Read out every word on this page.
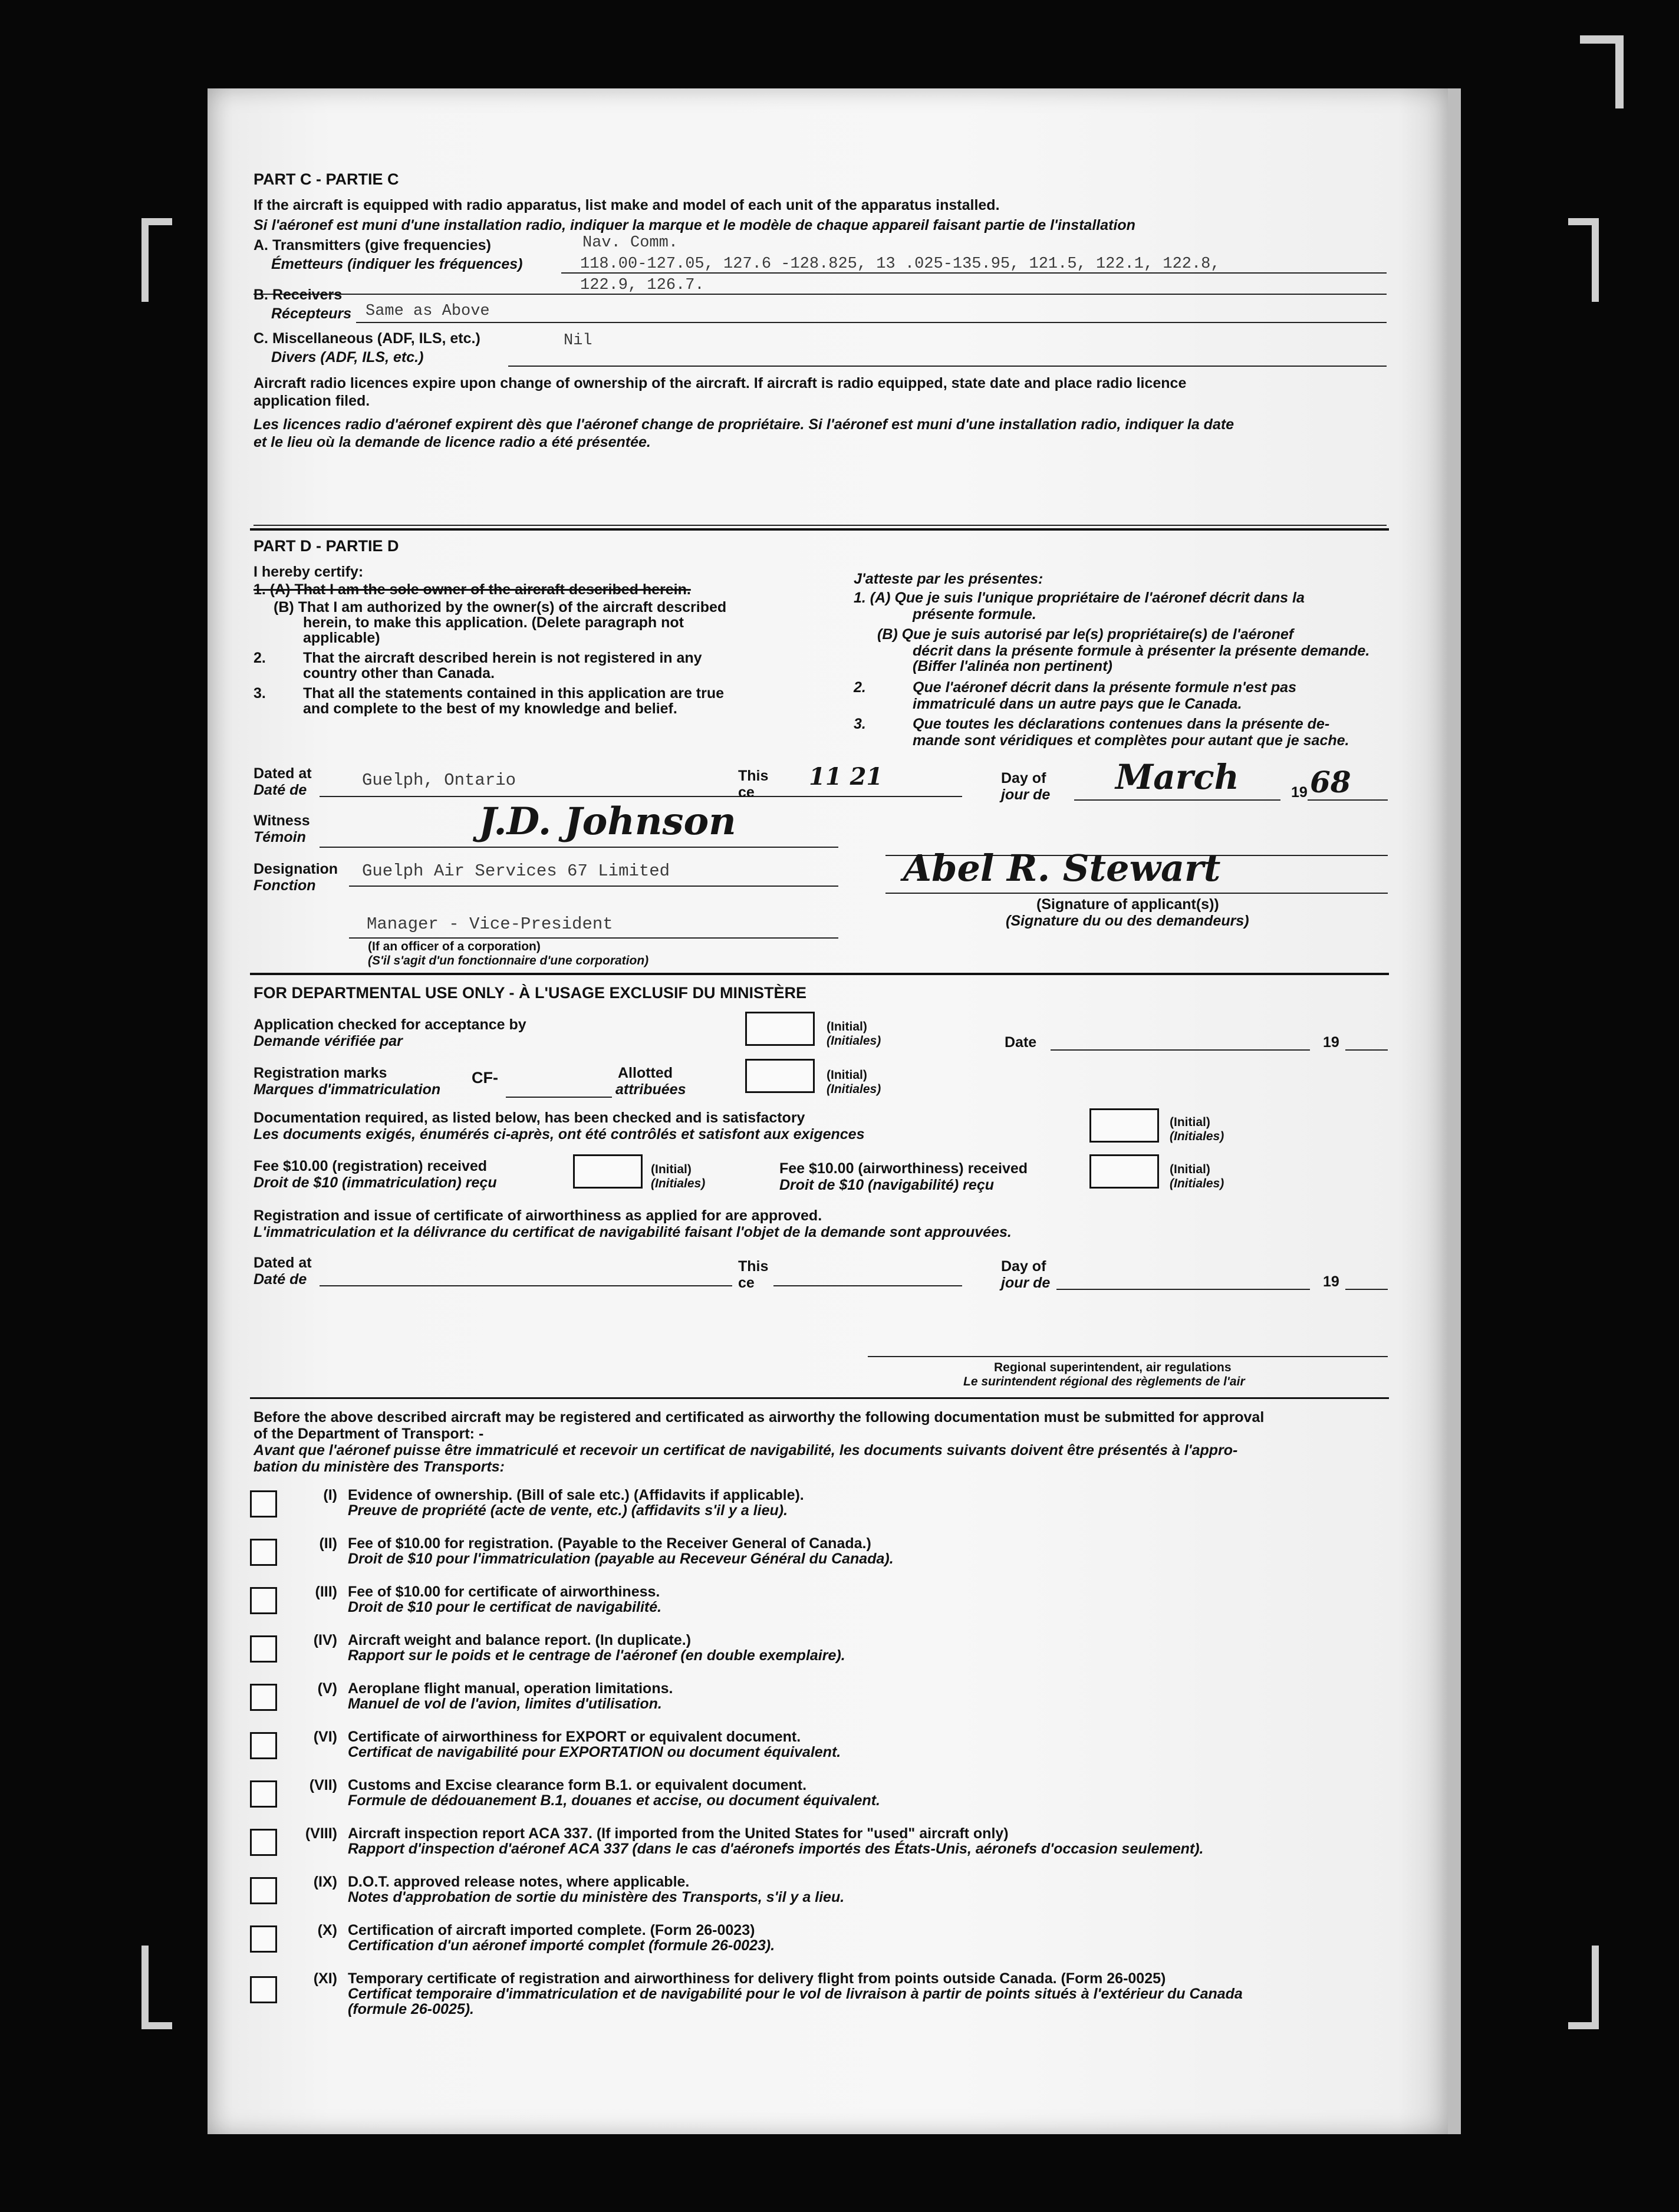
PART C - PARTIE C
If the aircraft is equipped with radio apparatus, list make and model of each unit of the apparatus installed.
Si l'aéronef est muni d'une installation radio, indiquer la marque et le modèle de chaque appareil faisant partie de l'installation
A. Transmitters (give frequencies)
Émetteurs (indiquer les fréquences)
Nav. Comm.
118.00-127.05, 127.6 -128.825, 13 .025-135.95, 121.5, 122.1, 122.8,
122.9, 126.7.
B. Receivers
Récepteurs Same as Above
C. Miscellaneous (ADF, ILS, etc.)
Divers (ADF, ILS, etc.)
Nil
Aircraft radio licences expire upon change of ownership of the aircraft. If aircraft is radio equipped, state date and place radio licence
application filed.
Les licences radio d'aéronef expirent dès que l'aéronef change de propriétaire. Si l'aéronef est muni d'une installation radio, indiquer la date
et le lieu où la demande de licence radio a été présentée.
PART D - PARTIE D
I hereby certify:
1. (A) That I am the sole owner of the aircraft described herein.
(B) That I am authorized by the owner(s) of the aircraft described
herein, to make this application. (Delete paragraph not
applicable)
2.	That the aircraft described herein is not registered in any
country other than Canada.
3.	That all the statements contained in this application are true
and complete to the best of my knowledge and belief.
J'atteste par les présentes:
1. (A) Que je suis l'unique propriétaire de l'aéronef décrit dans la
présente formule.
(B) Que je suis autorisé par le(s) propriétaire(s) de l'aéronef
décrit dans la présente formule à présenter la présente demande.
(Biffer l'alinéa non pertinent)
2.	Que l'aéronef décrit dans la présente formule n'est pas
immatriculé dans un autre pays que le Canada.
3.	Que toutes les déclarations contenues dans la présente de-
mande sont véridiques et complètes pour autant que je sache.
Dated at
Daté de	Guelph, Ontario	This
ce
11 21	Day of
jour de March	19 68
Witness
Témoin	J.D. Johnson
Designation
Fonction
Guelph Air Services 67 Limited
Manager - Vice-President
(If an officer of a corporation)
(S'il s'agit d'un fonctionnaire d'une corporation)
Abel R. Stewart
(Signature of applicant(s))
(Signature du ou des demandeurs)
FOR DEPARTMENTAL USE ONLY - À L'USAGE EXCLUSIF DU MINISTÈRE
Application checked for acceptance by
Demande vérifiée par
(Initial)
(Initiales)	Date	19
Registration marks
Marques d'immatriculation
CF-	Allotted
attribuées
(Initial)
(Initiales)
Documentation required, as listed below, has been checked and is satisfactory
Les documents exigés, énumérés ci-après, ont été contrôlés et satisfont aux exigences
(Initial)
(Initiales)
Fee $10.00 (registration) received
Droit de $10 (immatriculation) reçu
(Initial)
(Initiales)
Fee $10.00 (airworthiness) received
Droit de $10 (navigabilité) reçu
(Initial)
(Initiales)
Registration and issue of certificate of airworthiness as applied for are approved.
L'immatriculation et la délivrance du certificat de navigabilité faisant l'objet de la demande sont approuvées.
Dated at
Daté de
This
ce
Day of
jour de	19
Regional superintendent, air regulations
Le surintendent régional des règlements de l'air
Before the above described aircraft may be registered and certificated as airworthy the following documentation must be submitted for approval
of the Department of Transport: -
Avant que l'aéronef puisse être immatriculé et recevoir un certificat de navigabilité, les documents suivants doivent être présentés à l'appro-
bation du ministère des Transports:
(I) Evidence of ownership. (Bill of sale etc.) (Affidavits if applicable).
Preuve de propriété (acte de vente, etc.) (affidavits s'il y a lieu).
(II) Fee of $10.00 for registration. (Payable to the Receiver General of Canada.)
Droit de $10 pour l'immatriculation (payable au Receveur Général du Canada).
(III) Fee of $10.00 for certificate of airworthiness.
Droit de $10 pour le certificat de navigabilité.
(IV) Aircraft weight and balance report. (In duplicate.)
Rapport sur le poids et le centrage de l'aéronef (en double exemplaire).
(V) Aeroplane flight manual, operation limitations.
Manuel de vol de l'avion, limites d'utilisation.
(VI) Certificate of airworthiness for EXPORT or equivalent document.
Certificat de navigabilité pour EXPORTATION ou document équivalent.
(VII) Customs and Excise clearance form B.1. or equivalent document.
Formule de dédouanement B.1, douanes et accise, ou document équivalent.
(VIII) Aircraft inspection report ACA 337. (If imported from the United States for "used" aircraft only)
Rapport d'inspection d'aéronef ACA 337 (dans le cas d'aéronefs importés des États-Unis, aéronefs d'occasion seulement).
(IX) D.O.T. approved release notes, where applicable.
Notes d'approbation de sortie du ministère des Transports, s'il y a lieu.
(X) Certification of aircraft imported complete. (Form 26-0023)
Certification d'un aéronef importé complet (formule 26-0023).
(XI) Temporary certificate of registration and airworthiness for delivery flight from points outside Canada. (Form 26-0025)
Certificat temporaire d'immatriculation et de navigabilité pour le vol de livraison à partir de points situés à l'extérieur du Canada
(formule 26-0025).
